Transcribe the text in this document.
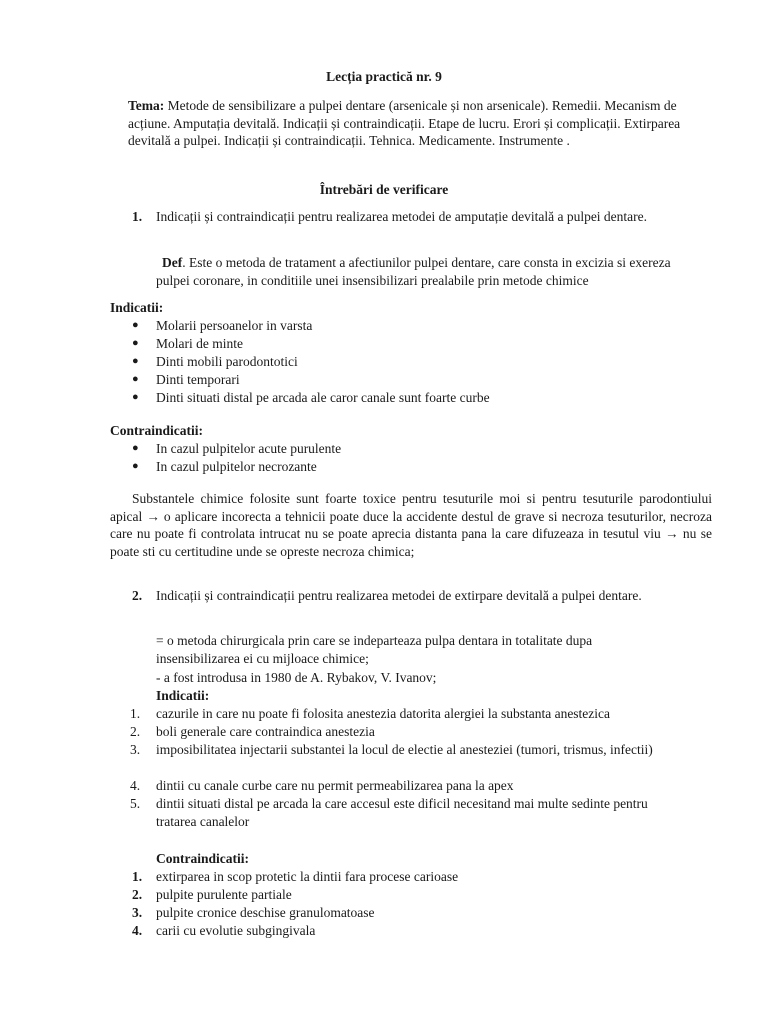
Lecția practică nr. 9
Tema: Metode de sensibilizare a pulpei dentare (arsenicale și non arsenicale). Remedii. Mecanism de acțiune. Amputația devitală. Indicații și contraindicații. Etape de lucru. Erori și complicații. Extirparea devitală a pulpei. Indicații și contraindicații. Tehnica. Medicamente. Instrumente .
Întrebări de verificare
1. Indicații și contraindicații pentru realizarea metodei de amputație devitală a pulpei dentare.
Def. Este o metoda de tratament a afectiunilor pulpei dentare, care consta in excizia si exereza pulpei coronare, in conditiile unei insensibilizari prealabile prin metode chimice
Indicatii:
●	Molarii persoanelor in varsta
●	Molari de minte
●	Dinti mobili parodontotici
●	Dinti temporari
●	Dinti situati distal pe arcada ale caror canale sunt foarte curbe
Contraindicatii:
●	In cazul pulpitelor acute purulente
●	In cazul pulpitelor necrozante
Substantele chimice folosite sunt foarte toxice pentru tesuturile moi si pentru tesuturile parodontiului apical → o aplicare incorecta a tehnicii poate duce la accidente destul de grave si necroza tesuturilor, necroza care nu poate fi controlata intrucat nu se poate aprecia distanta pana la care difuzeaza in tesutul viu → nu se poate sti cu certitudine unde se opreste necroza chimica;
2. Indicații și contraindicații pentru realizarea metodei de extirpare devitală a pulpei dentare.
= o metoda chirurgicala prin care se indeparteaza pulpa dentara in totalitate dupa insensibilizarea ei cu mijloace chimice;
- a fost introdusa in 1980 de A. Rybakov, V. Ivanov;
Indicatii:
1.	cazurile in care nu poate fi folosita anestezia datorita alergiei la substanta anestezica
2.	boli generale care contraindica anestezia
3.	imposibilitatea injectarii substantei la locul de electie al anesteziei (tumori, trismus, infectii)
4.	dintii cu canale curbe care nu permit permeabilizarea pana la apex
5.	dintii situati distal pe arcada la care accesul este dificil necesitand mai multe sedinte pentru tratarea canalelor
Contraindicatii:
1.	extirparea in scop protetic la dintii fara procese carioase
2.	pulpite purulente partiale
3.	pulpite cronice deschise granulomatoase
4.	carii cu evolutie subgingivala
